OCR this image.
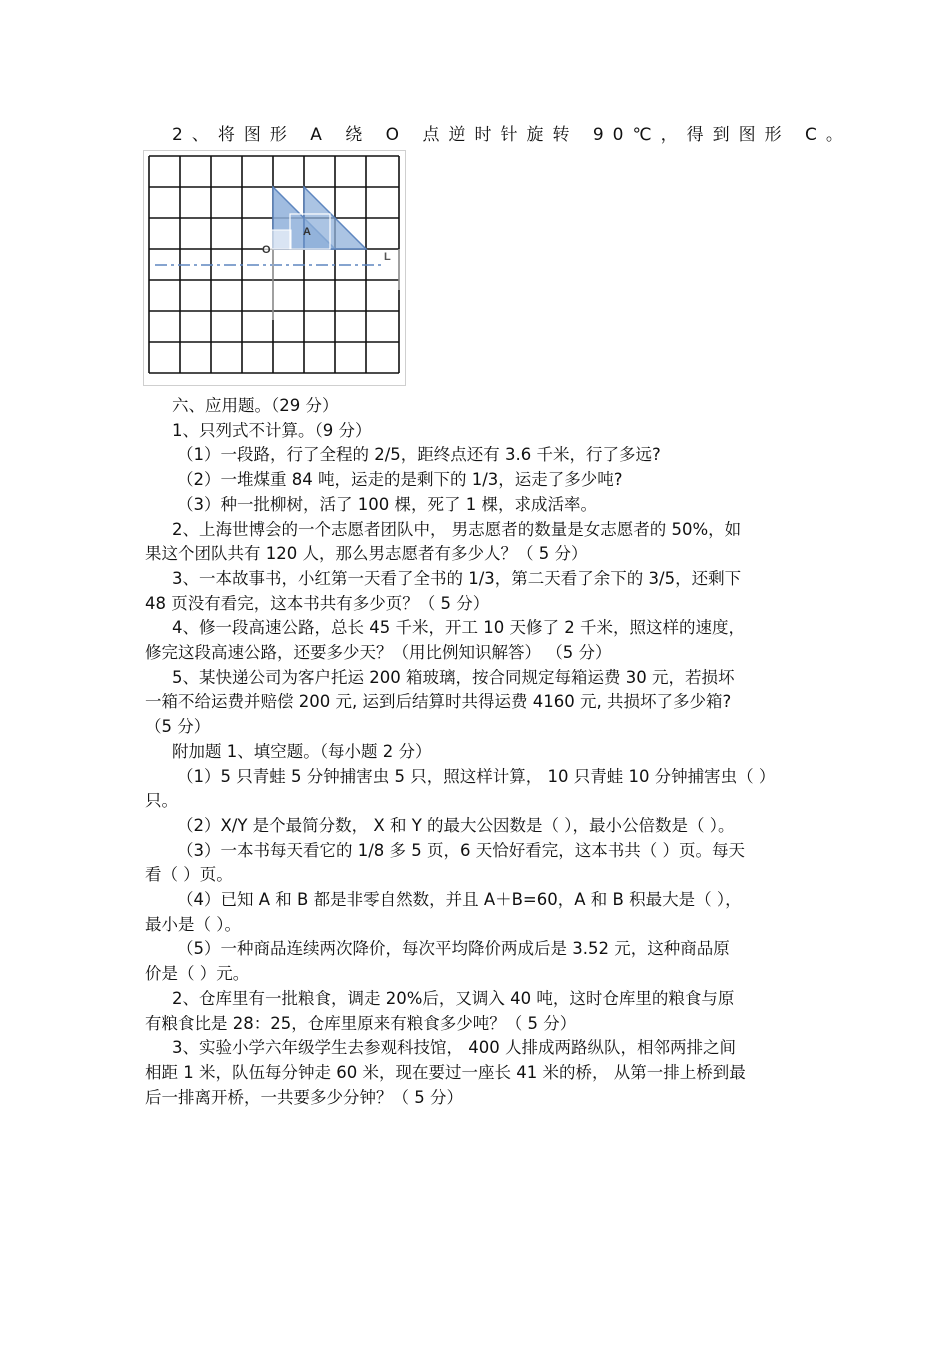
2、将图形 A 绕 O 点逆时针旋转 90℃，得到图形 C。
A
O
L

六、应用题。（29 分）

1、只列式不计算。（9 分）

（1）一段路，行了全程的 2/5，距终点还有 3.6 千米，行了多远?

（2）一堆煤重 84 吨，运走的是剩下的 1/3，运走了多少吨?

（3）种一批柳树，活了 100 棵，死了 1 棵，求成活率。

2、上海世博会的一个志愿者团队中， 男志愿者的数量是女志愿者的 50%，如

果这个团队共有 120 人，那么男志愿者有多少人？（ 5 分）

3、一本故事书，小红第一天看了全书的 1/3，第二天看了余下的 3/5，还剩下

48 页没有看完，这本书共有多少页？（ 5 分）

4、修一段高速公路，总长 45 千米，开工 10 天修了 2 千米，照这样的速度，

修完这段高速公路，还要多少天？（用比例知识解答） （5 分）

5、某快递公司为客户托运 200 箱玻璃，按合同规定每箱运费 30 元，若损坏

一箱不给运费并赔偿 200 元, 运到后结算时共得运费 4160 元, 共损坏了多少箱?

（5 分）

附加题 1、填空题。（每小题 2 分）

（1）5 只青蛙 5 分钟捕害虫 5 只，照这样计算， 10 只青蛙 10 分钟捕害虫（ ）

只。

（2）X/Y 是个最简分数， X 和 Y 的最大公因数是（ ），最小公倍数是（ ）。

（3）一本书每天看它的 1/8 多 5 页，6 天恰好看完，这本书共（ ）页。每天

看（ ）页。

（4）已知 A 和 B 都是非零自然数，并且 A＋B=60，A 和 B 积最大是（ ），

最小是（ ）。

（5）一种商品连续两次降价，每次平均降价两成后是 3.52 元，这种商品原

价是（ ）元。

2、仓库里有一批粮食，调走 20%后，又调入 40 吨，这时仓库里的粮食与原

有粮食比是 28：25，仓库里原来有粮食多少吨？（ 5 分）

3、实验小学六年级学生去参观科技馆， 400 人排成两路纵队，相邻两排之间

相距 1 米，队伍每分钟走 60 米，现在要过一座长 41 米的桥， 从第一排上桥到最

后一排离开桥，一共要多少分钟？（ 5 分）
